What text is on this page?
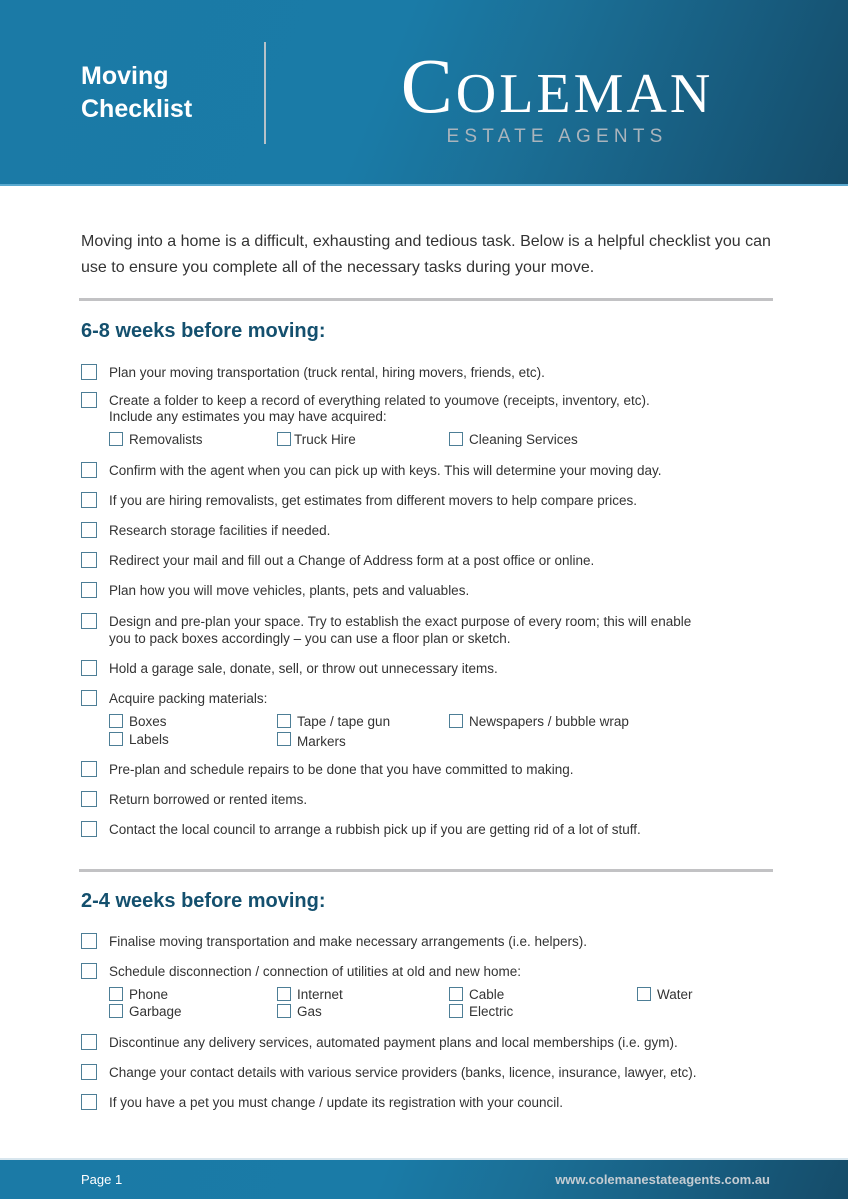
Moving
Checklist	COLEMAN
ESTATE AGENTS
Moving into a home is a difficult, exhausting and tedious task. Below is a helpful checklist you can use to ensure you complete all of the necessary tasks during your move.
6-8 weeks before moving:
Plan your moving transportation (truck rental, hiring movers, friends, etc).
Create a folder to keep a record of everything related to youmove (receipts, inventory, etc).
Include any estimates you may have acquired:
Removalists	Truck Hire	Cleaning Services
Confirm with the agent when you can pick up with keys. This will determine your moving day.
If you are hiring removalists, get estimates from different movers to help compare prices.
Research storage facilities if needed.
Redirect your mail and fill out a Change of Address form at a post office or online.
Plan how you will move vehicles, plants, pets and valuables.
Design and pre-plan your space. Try to establish the exact purpose of every room; this will enable
you to pack boxes accordingly – you can use a floor plan or sketch.
Hold a garage sale, donate, sell, or throw out unnecessary items.
Acquire packing materials:
Boxes	Tape / tape gun	Newspapers / bubble wrap
Labels	Markers
Pre-plan and schedule repairs to be done that you have committed to making.
Return borrowed or rented items.
Contact the local council to arrange a rubbish pick up if you are getting rid of a lot of stuff.
2-4 weeks before moving:
Finalise moving transportation and make necessary arrangements (i.e. helpers).
Schedule disconnection / connection of utilities at old and new home:
Phone	Internet	Cable	Water
Garbage	Gas	Electric
Discontinue any delivery services, automated payment plans and local memberships (i.e. gym).
Change your contact details with various service providers (banks, licence, insurance, lawyer, etc).
If you have a pet you must change / update its registration with your council.
Page 1	www.colemanestateagents.com.au
